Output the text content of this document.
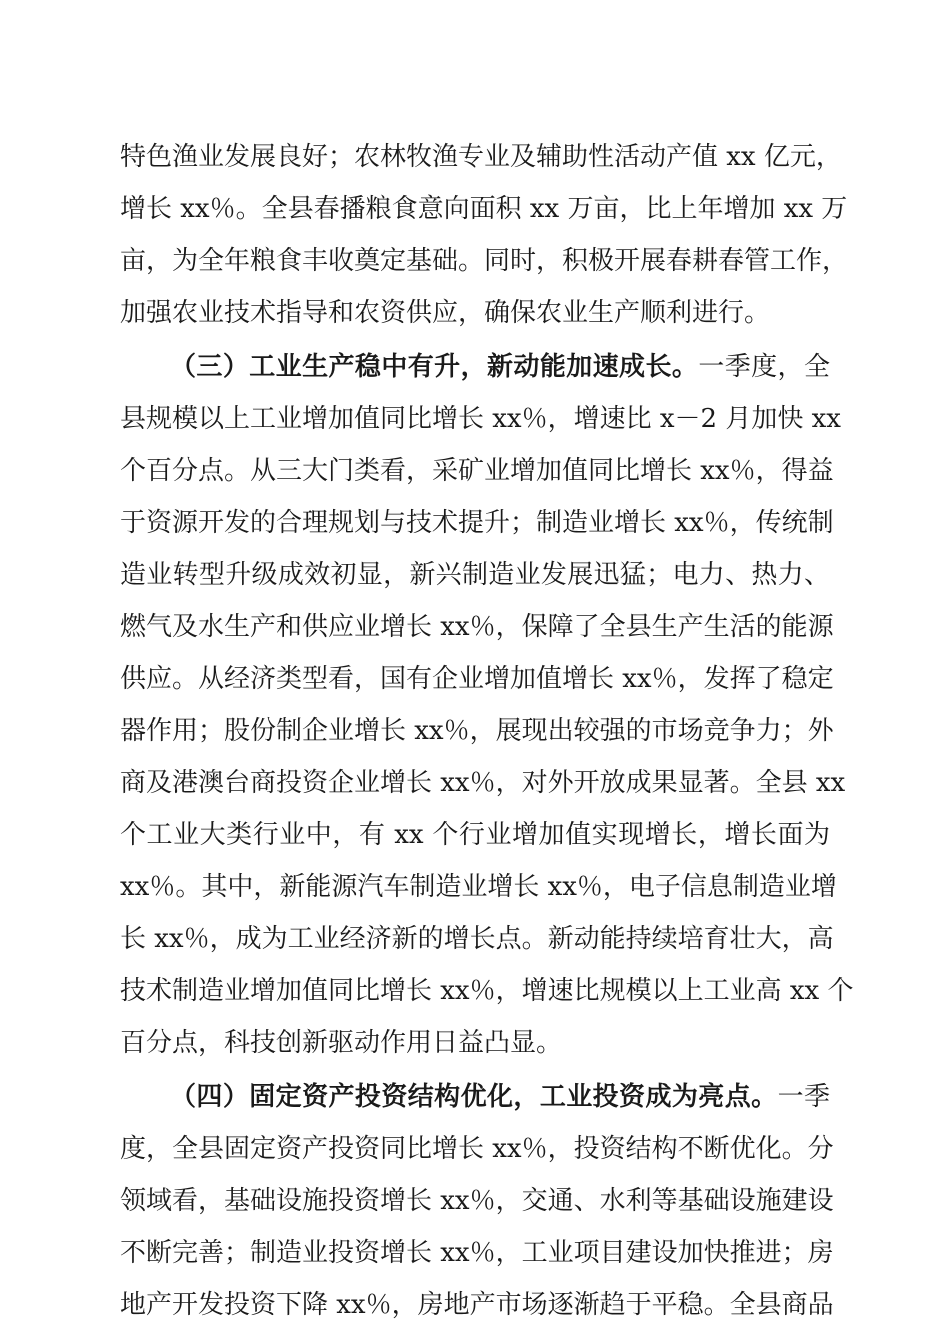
特色渔业发展良好；农林牧渔专业及辅助性活动产值 xx 亿元，
增长 xx％。全县春播粮食意向面积 xx 万亩，比上年增加 xx 万
亩，为全年粮食丰收奠定基础。同时，积极开展春耕春管工作，
加强农业技术指导和农资供应，确保农业生产顺利进行。
（三）工业生产稳中有升，新动能加速成长。一季度，全
县规模以上工业增加值同比增长 xx％，增速比 x－2 月加快 xx
个百分点。从三大门类看，采矿业增加值同比增长 xx％，得益
于资源开发的合理规划与技术提升；制造业增长 xx％，传统制
造业转型升级成效初显，新兴制造业发展迅猛；电力、热力、
燃气及水生产和供应业增长 xx％，保障了全县生产生活的能源
供应。从经济类型看，国有企业增加值增长 xx％，发挥了稳定
器作用；股份制企业增长 xx％，展现出较强的市场竞争力；外
商及港澳台商投资企业增长 xx％，对外开放成果显著。全县 xx
个工业大类行业中，有 xx 个行业增加值实现增长，增长面为
xx％。其中，新能源汽车制造业增长 xx％，电子信息制造业增
长 xx％，成为工业经济新的增长点。新动能持续培育壮大，高
技术制造业增加值同比增长 xx％，增速比规模以上工业高 xx 个
百分点，科技创新驱动作用日益凸显。
（四）固定资产投资结构优化，工业投资成为亮点。一季
度，全县固定资产投资同比增长 xx％，投资结构不断优化。分
领域看，基础设施投资增长 xx％，交通、水利等基础设施建设
不断完善；制造业投资增长 xx％，工业项目建设加快推进；房
地产开发投资下降 xx％，房地产市场逐渐趋于平稳。全县商品
